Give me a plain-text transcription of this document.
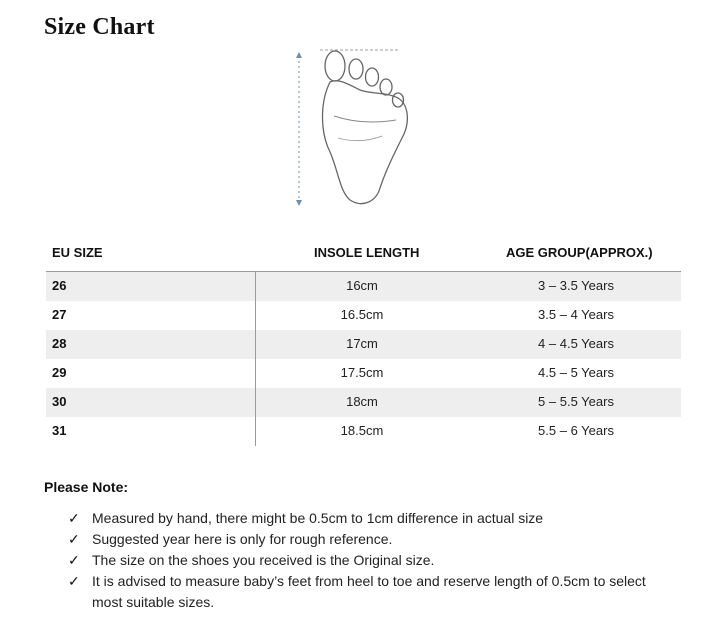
Size Chart
EU SIZE	INSOLE LENGTH	AGE GROUP(APPROX.)
26	16cm	3 – 3.5 Years
27	16.5cm	3.5 – 4 Years
28	17cm	4 – 4.5 Years
29	17.5cm	4.5 – 5 Years
30	18cm	5 – 5.5 Years
31	18.5cm	5.5 – 6 Years
Please Note:
✓ Measured by hand, there might be 0.5cm to 1cm difference in actual size
✓ Suggested year here is only for rough reference.
✓ The size on the shoes you received is the Original size.
✓ It is advised to measure baby’s feet from heel to toe and reserve length of 0.5cm to select most suitable sizes.
